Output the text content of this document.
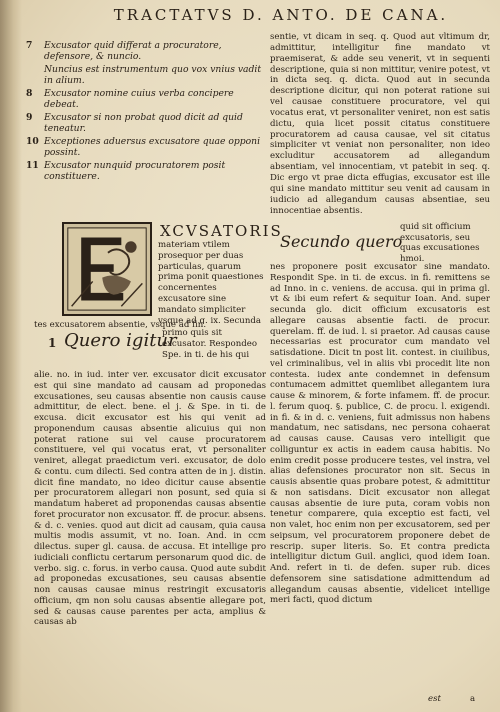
TRACTATVS D. ANTO. DE CANA.
7 Excusator quid differat a procuratore, defensore, & nuncio.
Nuncius est instrumentum quo vox vnius vadit in alium.
8 Excusator nomine cuius verba concipere debeat.
9 Excusator si non probat quod dicit ad quid teneatur.
10 Exceptiones aduersus excusatore quae opponi possint.
11 Excusator nunquid procuratorem posit constituere.
sentie, vt dicam in seq. q. Quod aut vltimum dr, admittitur, intelligitur fine mandato vt praemiserat, & adde seu venerit, vt in sequenti descriptione, quia si non mittitur, venire potest, vt in dicta seq. q. dicta. Quod aut in secunda descriptione dicitur, qui non poterat ratione sui vel causae constituere procuratore, vel qui vocatus erat, vt personaliter veniret, non est satis dictu, quia licet possit citatus constituere procuratorem ad causa causae, vel sit citatus simpliciter vt veniat non personaliter, non ideo excluditur accusatorem ad allegandum absentiam, vel innocentiam, vt patebit in seq. q. Dic ergo vt prae dicta effugias, excusator est ille qui sine mandato mittitur seu venit ad causam in iudicio ad allegandum causas absentiae, seu innocentiae absentis.
XCVSATORIS
materiam vtilem prosequor per duas particulas, quarum prima ponit quaestiones concernentes excusatore sine mandato simpliciter vsque ad q. ix. Secunda
tes excusatorem absentie, vsque ad fin.
1 Quero igitur
primo quis sit excusator. Respondeo Spe. in ti. de his qui

alie. no. in iud. inter ver. excusator dicit excusator est qui sine mandato ad causam ad proponedas excusationes, seu causas absentie non causis cause admittitur, de elect. bene. el j. & Spe. in ti. de excusa. dicit excusator est his qui venit ad proponendum causas absentie alicuius qui non poterat ratione sui vel cause procuratorem constituere, vel qui vocatus erat, vt personaliter veniret, allegat praedictum veri. excusator, de dolo & contu. cum dilecti. Sed contra atten de in j. distin. dicit fine mandato, no ideo dicitur cause absentie per procuratorem allegari non posunt, sed quia si mandatum haberet ad proponendas causas absentie foret procurator non excusator. ff. de procur. absens. & d. c. venies. quod aut dicit ad causam, quia causa multis modis assumit, vt no. Ioan. And. in ccm dilectus. super gl. causa. de accusa. Et intellige pro iudiciali conflictu certarum personarum quod dic. de verbo. sig. c. forus. in verbo causa. Quod aute subdit ad proponedas excusationes, seu causas absentie non causas causae minus restringit excusatoris officium, qm non solu causas absentie allegare pot, sed & causas cause parentes per acta, amplius & causas ab

Secundo quero
quid sit officium excusatoris, seu quas excusationes hmoi.

nes proponere posit excusator sine mandato. Respondit Spe. in ti. de excus. in fi. remittens se ad Inno. in c. veniens. de accusa. qui in prima gl. vt & ibi eum refert & sequitur Ioan. And. super secunda glo. dicit officium excusatoris est allegare causas absentie facti. de procur. querelam. ff. de iud. l. si praetor. Ad causas cause necessarias est procurator cum mandato vel satisdatione. Dicit tn post lit. contest. in ciuilibus, vel criminalibus, vel in aliis vbi procedit lite non contesta. iudex ante condemnet in defensum contumacem admittet quemlibet allegantem iura cause & minorem, & forte infamem. ff. de procur. l. ferum quoq. §. publice, C. de procu. l. exigendi. in fi. & in d. c. veniens, fuit admissus non habens mandatum, nec satisdans, nec persona cohaerat ad causas cause. Causas vero intelligit que colliguntur ex actis in eadem causa habitis. No enim credit posse producere testes, vel instra, vel alias defensiones procurator non sit. Secus in causis absentie quas probare potest, & admittitur & non satisdans. Dicit excusator non allegat causas absentie de iure puta, coram vobis non tenetur comparere, quia exceptio est facti, vel non valet, hoc enim non per excusatorem, sed per seipsum, vel procuratorem proponere debet de rescrip. super literis. So. Et contra predicta intelligitur dictum Guil. anglici, quod idem Ioan. And. refert in ti. de defen. super rub. dices defensorem sine satisdatione admittendum ad allegandum causas absentie, videlicet intellige meri facti, quod dictum

est	a
